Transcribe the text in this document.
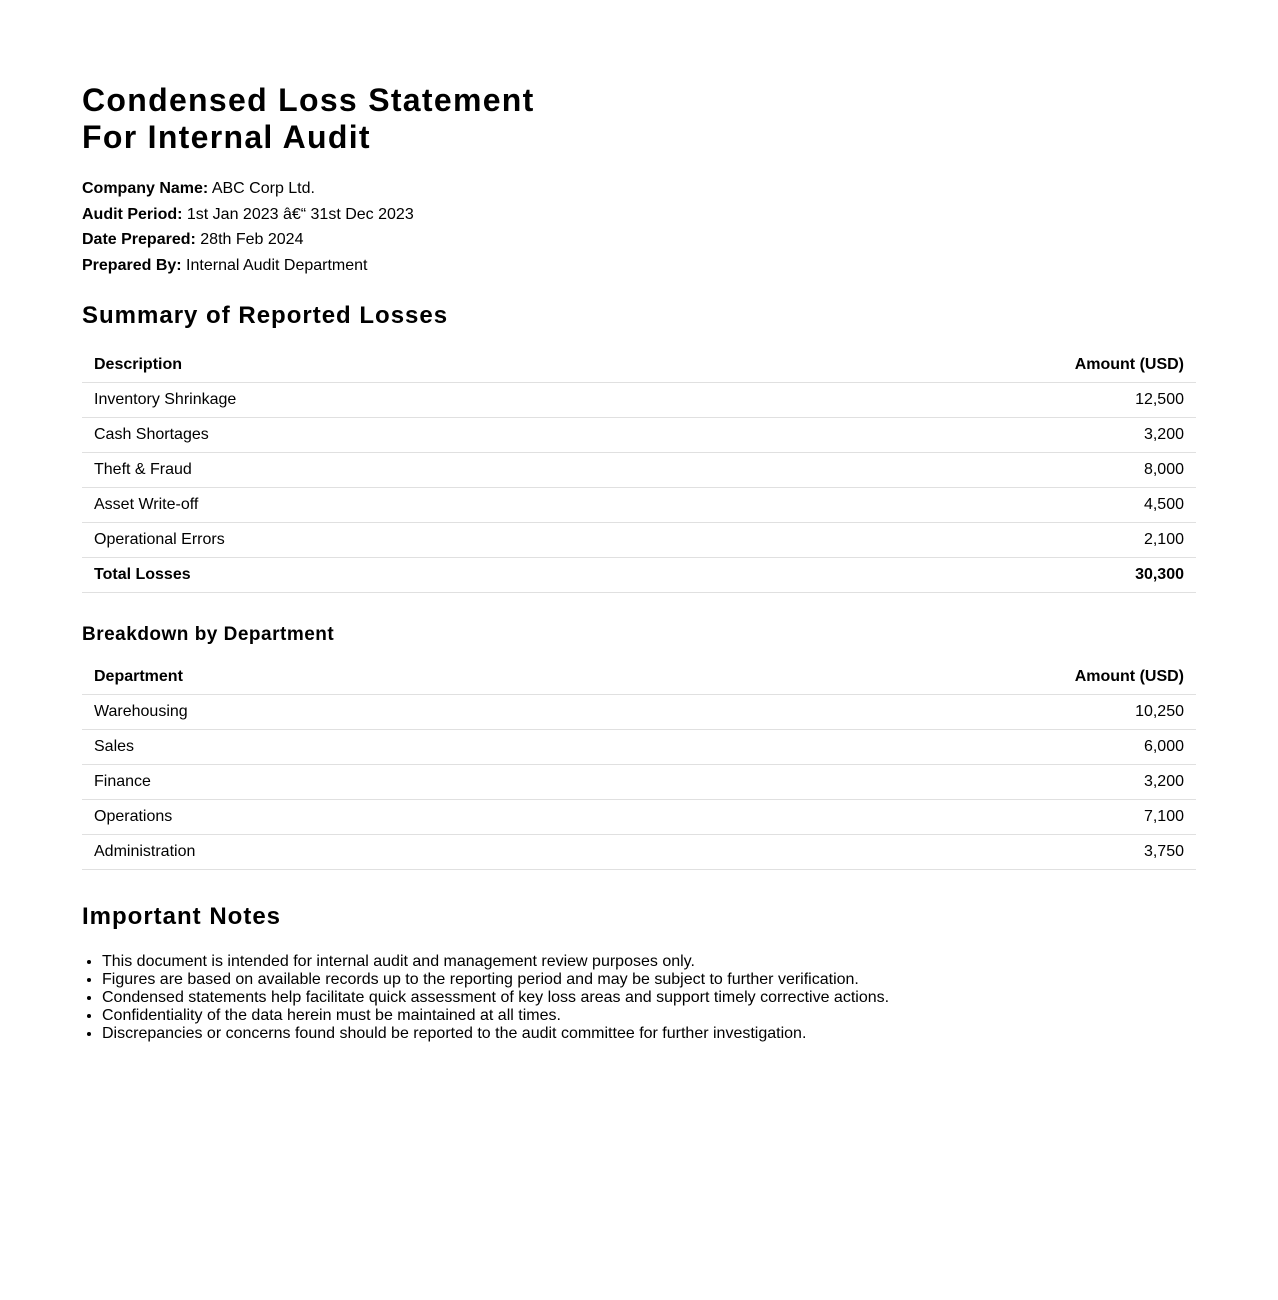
Condensed Loss Statement
For Internal Audit
Company Name: ABC Corp Ltd.
Audit Period: 1st Jan 2023 â€“ 31st Dec 2023
Date Prepared: 28th Feb 2024
Prepared By: Internal Audit Department
Summary of Reported Losses
Description	Amount (USD)
Inventory Shrinkage	12,500
Cash Shortages	3,200
Theft & Fraud	8,000
Asset Write-off	4,500
Operational Errors	2,100
Total Losses	30,300
Breakdown by Department
Department	Amount (USD)
Warehousing	10,250
Sales	6,000
Finance	3,200
Operations	7,100
Administration	3,750
Important Notes
• This document is intended for internal audit and management review purposes only.
• Figures are based on available records up to the reporting period and may be subject to further verification.
• Condensed statements help facilitate quick assessment of key loss areas and support timely corrective actions.
• Confidentiality of the data herein must be maintained at all times.
• Discrepancies or concerns found should be reported to the audit committee for further investigation.
